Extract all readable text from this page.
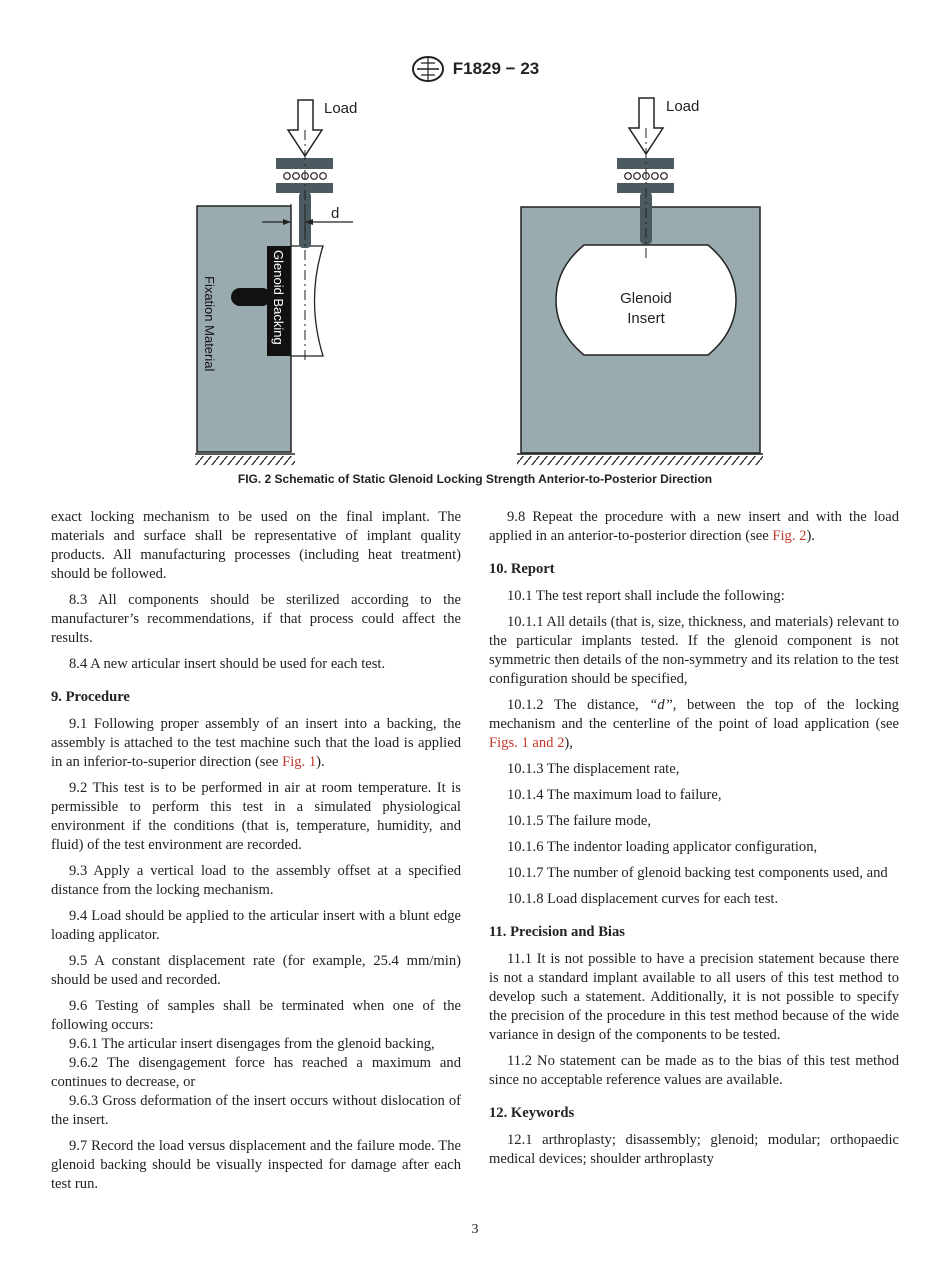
F1829 − 23
Load
d
Glenoid Backing
Fixation Material
Load
Glenoid
Insert
FIG. 2 Schematic of Static Glenoid Locking Strength Anterior-to-Posterior Direction

exact locking mechanism to be used on the final implant. The materials and surface shall be representative of implant quality products. All manufacturing processes (including heat treatment) should be followed.

8.3 All components should be sterilized according to the manufacturer’s recommendations, if that process could affect the results.

8.4 A new articular insert should be used for each test.

9. Procedure

9.1 Following proper assembly of an insert into a backing, the assembly is attached to the test machine such that the load is applied in an inferior-to-superior direction (see Fig. 1).

9.2 This test is to be performed in air at room temperature. It is permissible to perform this test in a simulated physiological environment if the conditions (that is, temperature, humidity, and fluid) of the test environment are recorded.

9.3 Apply a vertical load to the assembly offset at a specified distance from the locking mechanism.

9.4 Load should be applied to the articular insert with a blunt edge loading applicator.

9.5 A constant displacement rate (for example, 25.4 mm/min) should be used and recorded.

9.6 Testing of samples shall be terminated when one of the following occurs:

9.6.1 The articular insert disengages from the glenoid backing,

9.6.2 The disengagement force has reached a maximum and continues to decrease, or

9.6.3 Gross deformation of the insert occurs without dislocation of the insert.

9.7 Record the load versus displacement and the failure mode. The glenoid backing should be visually inspected for damage after each test run.

9.8 Repeat the procedure with a new insert and with the load applied in an anterior-to-posterior direction (see Fig. 2).

10. Report

10.1 The test report shall include the following:

10.1.1 All details (that is, size, thickness, and materials) relevant to the particular implants tested. If the glenoid component is not symmetric then details of the non-symmetry and its relation to the test configuration should be specified,

10.1.2 The distance, “d”, between the top of the locking mechanism and the centerline of the point of load application (see Figs. 1 and 2),

10.1.3 The displacement rate,

10.1.4 The maximum load to failure,

10.1.5 The failure mode,

10.1.6 The indentor loading applicator configuration,

10.1.7 The number of glenoid backing test components used, and

10.1.8 Load displacement curves for each test.

11. Precision and Bias

11.1 It is not possible to have a precision statement because there is not a standard implant available to all users of this test method to develop such a statement. Additionally, it is not possible to specify the precision of the procedure in this test method because of the wide variance in design of the components to be tested.

11.2 No statement can be made as to the bias of this test method since no acceptable reference values are available.

12. Keywords

12.1 arthroplasty; disassembly; glenoid; modular; orthopaedic medical devices; shoulder arthroplasty

3
